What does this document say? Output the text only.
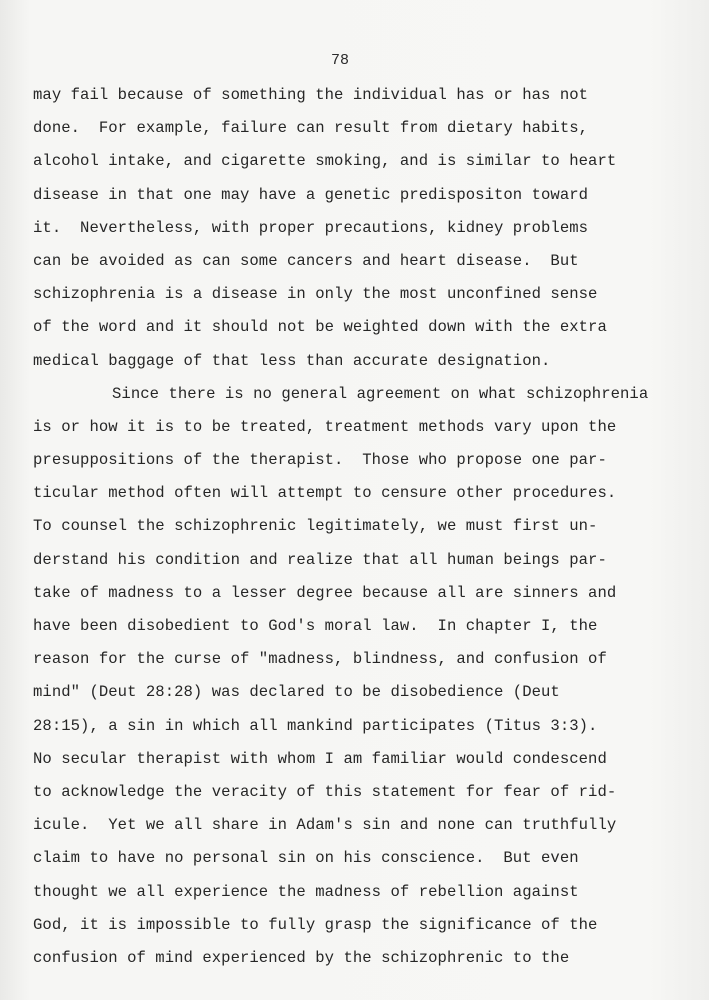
78
may fail because of something the individual has or has not
done.  For example, failure can result from dietary habits,
alcohol intake, and cigarette smoking, and is similar to heart
disease in that one may have a genetic predispositon toward
it.  Nevertheless, with proper precautions, kidney problems
can be avoided as can some cancers and heart disease.  But
schizophrenia is a disease in only the most unconfined sense
of the word and it should not be weighted down with the extra
medical baggage of that less than accurate designation.
Since there is no general agreement on what schizophrenia
is or how it is to be treated, treatment methods vary upon the
presuppositions of the therapist.  Those who propose one par-
ticular method often will attempt to censure other procedures.
To counsel the schizophrenic legitimately, we must first un-
derstand his condition and realize that all human beings par-
take of madness to a lesser degree because all are sinners and
have been disobedient to God's moral law.  In chapter I, the
reason for the curse of "madness, blindness, and confusion of
mind" (Deut 28:28) was declared to be disobedience (Deut
28:15), a sin in which all mankind participates (Titus 3:3).
No secular therapist with whom I am familiar would condescend
to acknowledge the veracity of this statement for fear of rid-
icule.  Yet we all share in Adam's sin and none can truthfully
claim to have no personal sin on his conscience.  But even
thought we all experience the madness of rebellion against
God, it is impossible to fully grasp the significance of the
confusion of mind experienced by the schizophrenic to the
